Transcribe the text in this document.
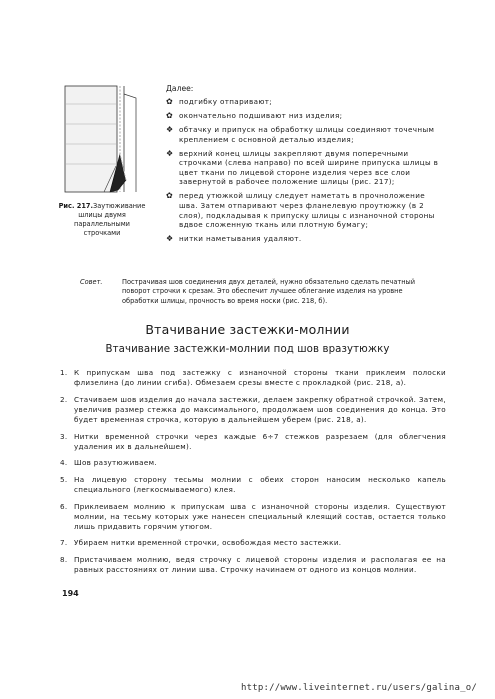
Рис. 217.Заутюживание шлицы двумя параллельными строчками
Далее:
✿ подгибку отпаривают;
✿ окончательно подшивают низ изделия;
❖ обтачку и припуск на обработку шлицы соединяют точечным креплением с основной деталью изделия;
❖ верхний конец шлицы закрепляют двумя поперечными строчками (слева направо) по всей ширине припуска шлицы в цвет ткани по лицевой стороне изделия через все слои завернутой в рабочее положение шлицы (рис. 217);
✿ перед утюжкой шлицу следует наметать в прочноложение шва. Затем отпаривают через фланелевую проутюжку (в 2 слоя), подкладывая к припуску шлицы с изнаночной стороны вдвое сложенную ткань или плотную бумагу;
❖ нитки наметывания удаляют.
Совет.	Пострачивая шов соединения двух деталей, нужно обязательно сделать печатный поворот строчки к срезам. Это обеспечит лучшее облегание изделия на уровне обработки шлицы, прочность во время носки (рис. 218, б).
Втачивание застежки-молнии
Втачивание застежки-молнии под шов вразутюжку
1. К припускам шва под застежку с изнаночной стороны ткани приклеим полоски флизелина (до линии сгиба). Обмезаем срезы вместе с прокладкой (рис. 218, а).
2. Стачиваем шов изделия до начала застежки, делаем закрепку обратной строчкой. Затем, увеличив размер стежка до максимального, продолжаем шов соединения до конца. Это будет временная строчка, которую в дальнейшем уберем (рис. 218, а).
3. Нитки временной строчки через каждые 6÷7 стежков разрезаем (для облегчения удаления их в дальнейшем).
4. Шов разутюживаем.
5. На лицевую сторону тесьмы молнии с обеих сторон наносим несколько капель специального (легкосмываемого) клея.
6. Приклеиваем молнию к припускам шва с изнаночной стороны изделия. Существуют молнии, на тесьму которых уже нанесен специальный клеящий состав, остается только лишь придавить горячим утюгом.
7. Убираем нитки временной строчки, освобождая место застежки.
8. Пристачиваем молнию, ведя строчку с лицевой стороны изделия и располагая ее на равных расстояниях от линии шва. Строчку начинаем от одного из концов молнии.
194
http://www.liveinternet.ru/users/galina_o/
